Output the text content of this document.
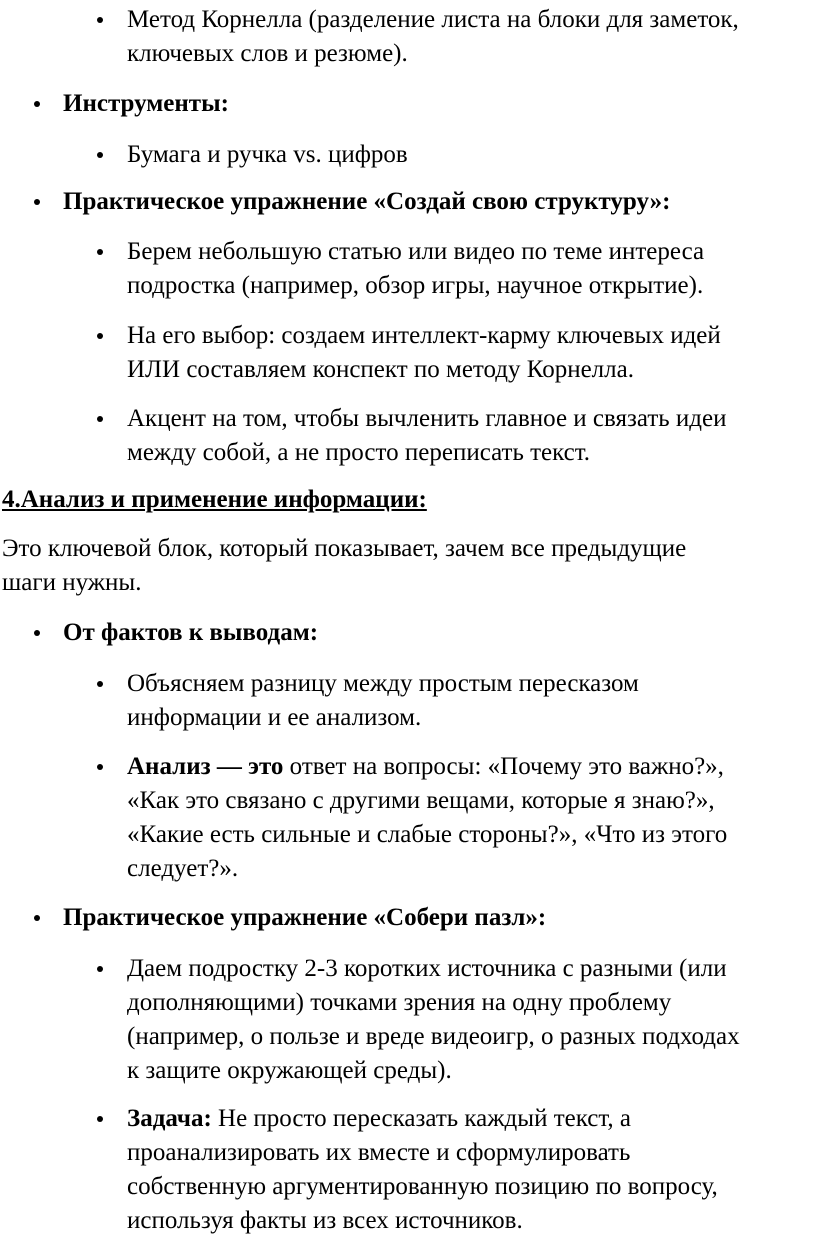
Метод Корнелла (разделение листа на блоки для заметок,
ключевых слов и резюме).
Инструменты:
Бумага и ручка vs. цифров
Практическое упражнение «Создай свою структуру»:
Берем небольшую статью или видео по теме интереса
подростка (например, обзор игры, научное открытие).
На его выбор: создаем интеллект-карму ключевых идей
ИЛИ составляем конспект по методу Корнелла.
Акцент на том, чтобы вычленить главное и связать идеи
между собой, а не просто переписать текст.
4.Анализ и применение информации:
Это ключевой блок, который показывает, зачем все предыдущие
шаги нужны.
От фактов к выводам:
Объясняем разницу между простым пересказом
информации и ее анализом.
Анализ — это ответ на вопросы: «Почему это важно?»,
«Как это связано с другими вещами, которые я знаю?»,
«Какие есть сильные и слабые стороны?», «Что из этого
следует?».
Практическое упражнение «Собери пазл»:
Даем подростку 2-3 коротких источника с разными (или
дополняющими) точками зрения на одну проблему
(например, о пользе и вреде видеоигр, о разных подходах
к защите окружающей среды).
Задача: Не просто пересказать каждый текст, а
проанализировать их вместе и сформулировать
собственную аргументированную позицию по вопросу,
используя факты из всех источников.
